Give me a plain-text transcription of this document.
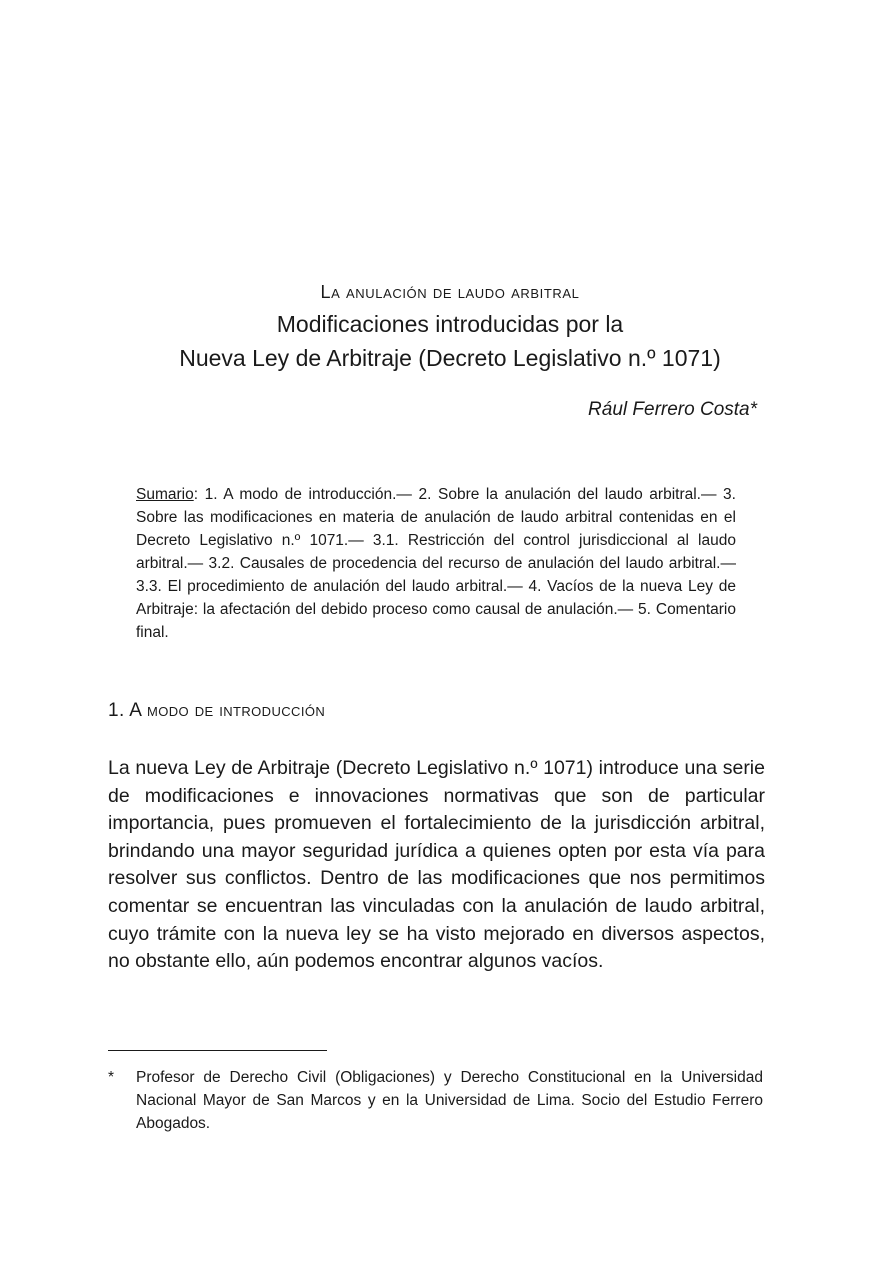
La anulación de laudo arbitral
Modificaciones introducidas por la
Nueva Ley de Arbitraje (Decreto Legislativo n.º 1071)
Rául Ferrero Costa*
Sumario: 1. A modo de introducción.— 2. Sobre la anulación del laudo arbitral.— 3. Sobre las modificaciones en materia de anulación de laudo arbitral contenidas en el Decreto Legislativo n.º 1071.— 3.1. Restricción del control jurisdiccional al laudo arbitral.— 3.2. Causales de procedencia del recurso de anulación del laudo arbitral.— 3.3. El procedimiento de anulación del laudo arbitral.— 4. Vacíos de la nueva Ley de Arbitraje: la afectación del debido proceso como causal de anulación.— 5. Comentario final.
1. A modo de introducción
La nueva Ley de Arbitraje (Decreto Legislativo n.º 1071) introduce una serie de modificaciones e innovaciones normativas que son de particular importancia, pues promueven el fortalecimiento de la jurisdicción arbitral, brindando una mayor seguridad jurídica a quienes opten por esta vía para resolver sus conflictos. Dentro de las modificaciones que nos permitimos comentar se encuentran las vinculadas con la anulación de laudo arbitral, cuyo trámite con la nueva ley se ha visto mejorado en diversos aspectos, no obstante ello, aún podemos encontrar algunos vacíos.
* Profesor de Derecho Civil (Obligaciones) y Derecho Constitucional en la Universidad Nacional Mayor de San Marcos y en la Universidad de Lima. Socio del Estudio Ferrero Abogados.
